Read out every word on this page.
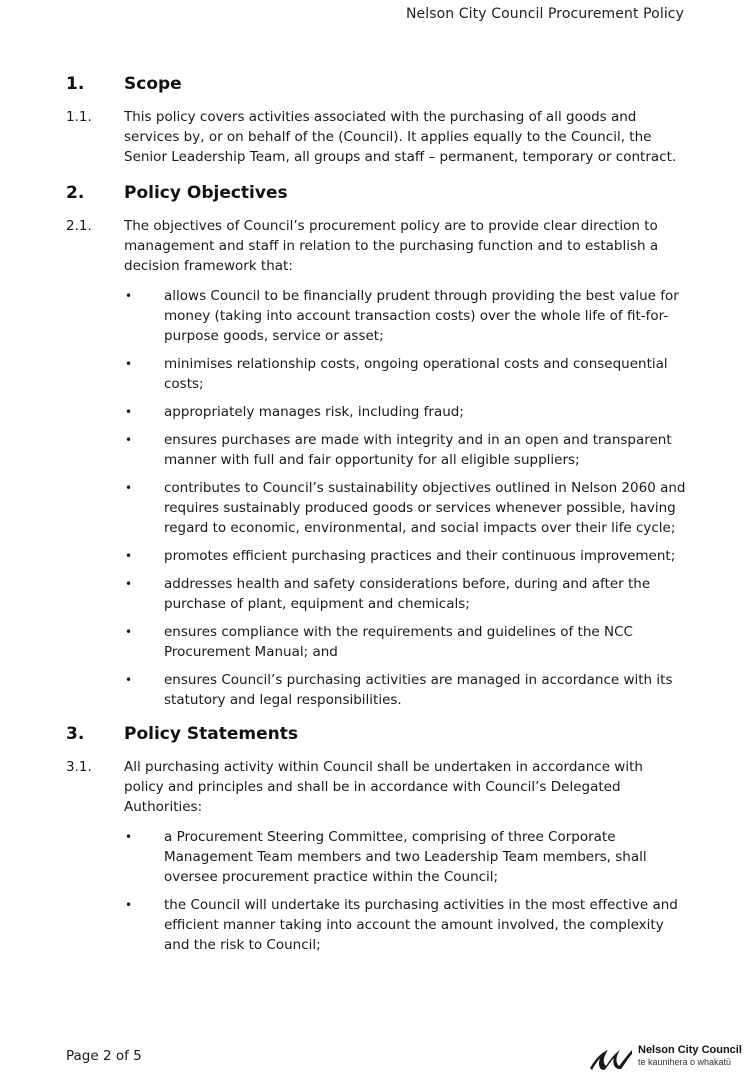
Nelson City Council Procurement Policy
1.	Scope
1.1.	This policy covers activities associated with the purchasing of all goods and services by, or on behalf of the (Council). It applies equally to the Council, the Senior Leadership Team, all groups and staff – permanent, temporary or contract.
2.	Policy Objectives
2.1.	The objectives of Council’s procurement policy are to provide clear direction to management and staff in relation to the purchasing function and to establish a decision framework that:
•	allows Council to be financially prudent through providing the best value for money (taking into account transaction costs) over the whole life of fit-for-purpose goods, service or asset;
•	minimises relationship costs, ongoing operational costs and consequential costs;
•	appropriately manages risk, including fraud;
•	ensures purchases are made with integrity and in an open and transparent manner with full and fair opportunity for all eligible suppliers;
•	contributes to Council’s sustainability objectives outlined in Nelson 2060 and requires sustainably produced goods or services whenever possible, having regard to economic, environmental, and social impacts over their life cycle;
•	promotes efficient purchasing practices and their continuous improvement;
•	addresses health and safety considerations before, during and after the purchase of plant, equipment and chemicals;
•	ensures compliance with the requirements and guidelines of the NCC Procurement Manual; and
•	ensures Council’s purchasing activities are managed in accordance with its statutory and legal responsibilities.
3.	Policy Statements
3.1.	All purchasing activity within Council shall be undertaken in accordance with policy and principles and shall be in accordance with Council’s Delegated Authorities:
•	a Procurement Steering Committee, comprising of three Corporate Management Team members and two Leadership Team members, shall oversee procurement practice within the Council;
•	the Council will undertake its purchasing activities in the most effective and efficient manner taking into account the amount involved, the complexity and the risk to Council;
Page 2 of 5	Nelson City Council
te kaunihera o whakatū
